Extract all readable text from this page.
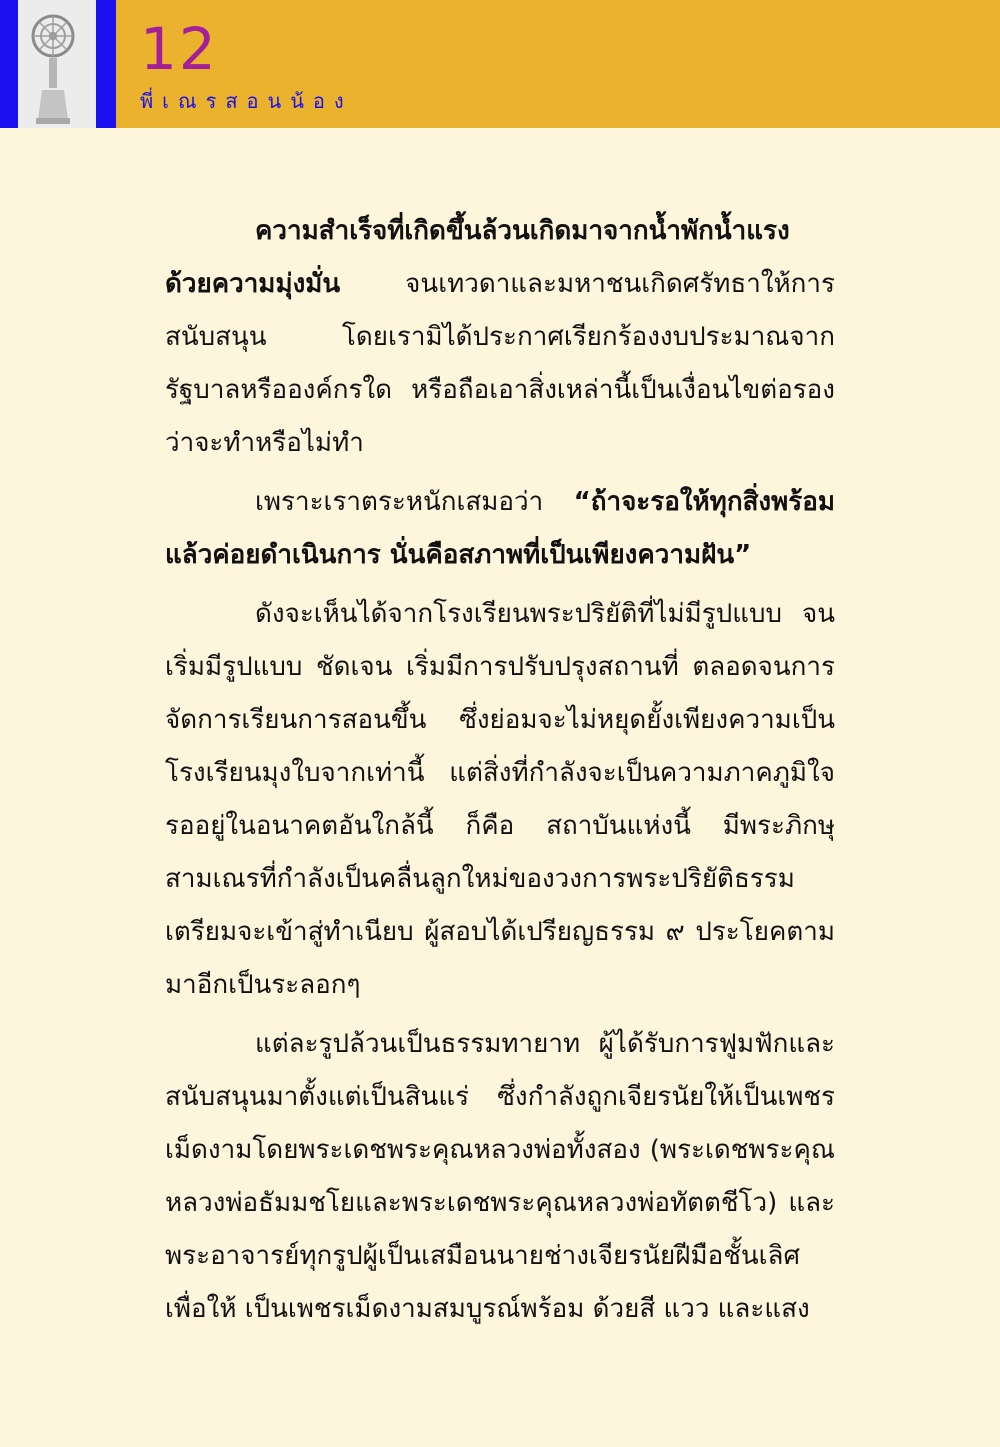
12
พี่เณรสอนน้อง

ความสำเร็จที่เกิดขึ้นล้วนเกิดมาจากน้ำพักน้ำแรงด้วยความมุ่งมั่น จนเทวดาและมหาชนเกิดศรัทธาให้การสนับสนุน โดยเรามิได้ประกาศเรียกร้องงบประมาณจากรัฐบาลหรือองค์กรใด หรือถือเอาสิ่งเหล่านี้เป็นเงื่อนไขต่อรองว่าจะทำหรือไม่ทำ

เพราะเราตระหนักเสมอว่า “ถ้าจะรอให้ทุกสิ่งพร้อมแล้วค่อยดำเนินการ นั่นคือสภาพที่เป็นเพียงความฝัน”

ดังจะเห็นได้จากโรงเรียนพระปริยัติที่ไม่มีรูปแบบ จนเริ่มมีรูปแบบ ชัดเจน เริ่มมีการปรับปรุงสถานที่ ตลอดจนการจัดการเรียนการสอนขึ้น ซึ่งย่อมจะไม่หยุดยั้งเพียงความเป็นโรงเรียนมุงใบจากเท่านี้ แต่สิ่งที่กำลังจะเป็นความภาคภูมิใจรออยู่ในอนาคตอันใกล้นี้ ก็คือ สถาบันแห่งนี้ มีพระภิกษุสามเณรที่กำลังเป็นคลื่นลูกใหม่ของวงการพระปริยัติธรรม เตรียมจะเข้าสู่ทำเนียบ ผู้สอบได้เปรียญธรรม ๙ ประโยคตามมาอีกเป็นระลอกๆ

แต่ละรูปล้วนเป็นธรรมทายาท ผู้ได้รับการฟูมฟักและสนับสนุนมาตั้งแต่เป็นสินแร่ ซึ่งกำลังถูกเจียรนัยให้เป็นเพชรเม็ดงามโดยพระเดชพระคุณหลวงพ่อทั้งสอง (พระเดชพระคุณหลวงพ่อธัมมชโยและพระเดชพระคุณหลวงพ่อทัตตชีโว) และพระอาจารย์ทุกรูปผู้เป็นเสมือนนายช่างเจียรนัยฝีมือชั้นเลิศ เพื่อให้ เป็นเพชรเม็ดงามสมบูรณ์พร้อม ด้วยสี แวว และแสง
